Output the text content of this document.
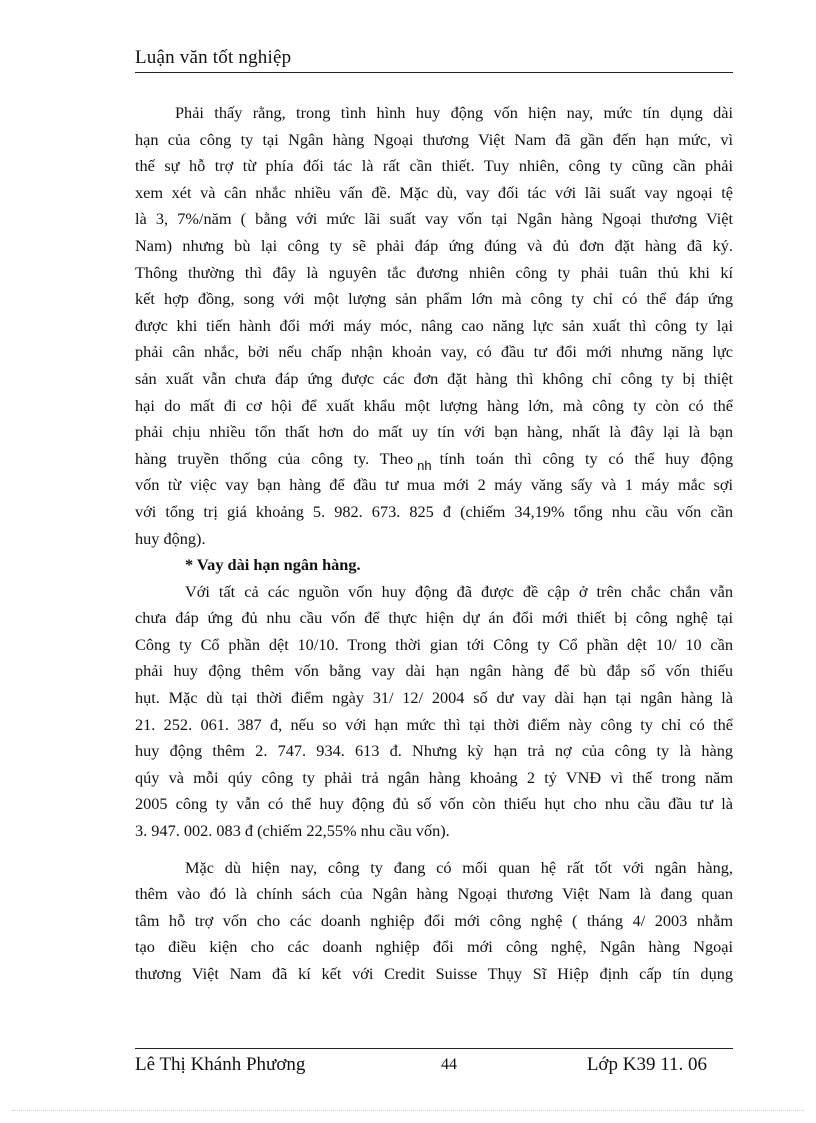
Luận văn tốt nghiệp
Phải thấy rằng, trong tình hình huy động vốn hiện nay, mức tín dụng dài
hạn của công ty tại Ngân hàng Ngoại thương Việt Nam đã gần đến hạn mức, vì
thế sự hỗ trợ từ phía đối tác là rất cần thiết. Tuy nhiên, công ty cũng cần phải
xem xét và cân nhắc nhiều vấn đề. Mặc dù, vay đối tác với lãi suất vay ngoại tệ
là 3, 7%/năm ( bằng với mức lãi suất vay vốn tại Ngân hàng Ngoại thương Việt
Nam) nhưng bù lại công ty sẽ phải đáp ứng đúng và đủ đơn đặt hàng đã ký.
Thông thường thì đây là nguyên tắc đương nhiên công ty phải tuân thủ khi kí
kết hợp đồng, song với một lượng sản phẩm lớn mà công ty chỉ có thể đáp ứng
được khi tiến hành đổi mới máy móc, nâng cao năng lực sản xuất thì công ty lại
phải cân nhắc, bởi nếu chấp nhận khoản vay, có đầu tư đổi mới nhưng năng lực
sản xuất vẫn chưa đáp ứng được các đơn đặt hàng thì không chỉ công ty bị thiệt
hại do mất đi cơ hội để xuất khẩu một lượng hàng lớn, mà công ty còn có thể
phải chịu nhiều tổn thất hơn do mất uy tín với bạn hàng, nhất là đây lại là bạn
hàng truyền thống của công ty. Theo $_{nh}$ tính toán thì công ty có thể huy động
vốn từ việc vay bạn hàng để đầu tư mua mới 2 máy văng sấy và 1 máy mắc sợi
với tổng trị giá khoảng 5. 982. 673. 825 đ (chiếm 34,19% tổng nhu cầu vốn cần
huy động).
* Vay dài hạn ngân hàng.
Với tất cả các nguồn vốn huy động đã được đề cập ở trên chắc chắn vẫn
chưa đáp ứng đủ nhu cầu vốn để thực hiện dự án đổi mới thiết bị công nghệ tại
Công ty Cổ phần dệt 10/10. Trong thời gian tới Công ty Cổ phần dệt 10/ 10 cần
phải huy động thêm vốn bằng vay dài hạn ngân hàng để bù đắp số vốn thiếu
hụt. Mặc dù tại thời điểm ngày 31/ 12/ 2004 số dư vay dài hạn tại ngân hàng là
21. 252. 061. 387 đ, nếu so với hạn mức thì tại thời điểm này công ty chỉ có thể
huy động thêm 2. 747. 934. 613 đ. Nhưng kỳ hạn trả nợ của công ty là hàng
qúy và mỗi qúy công ty phải trả ngân hàng khoảng 2 tỷ VNĐ vì thế trong năm
2005 công ty vẫn có thể huy động đủ số vốn còn thiếu hụt cho nhu cầu đầu tư là
3. 947. 002. 083 đ (chiếm 22,55% nhu cầu vốn).
Mặc dù hiện nay, công ty đang có mối quan hệ rất tốt với ngân hàng,
thêm vào đó là chính sách của Ngân hàng Ngoại thương Việt Nam là đang quan
tâm hỗ trợ vốn cho các doanh nghiệp đổi mới công nghệ ( tháng 4/ 2003 nhằm
tạo điều kiện cho các doanh nghiệp đổi mới công nghệ, Ngân hàng Ngoại
thương Việt Nam đã kí kết với Credit Suisse Thụy Sĩ Hiệp định cấp tín dụng
Lê Thị Khánh Phương	44	Lớp K39 11. 06
